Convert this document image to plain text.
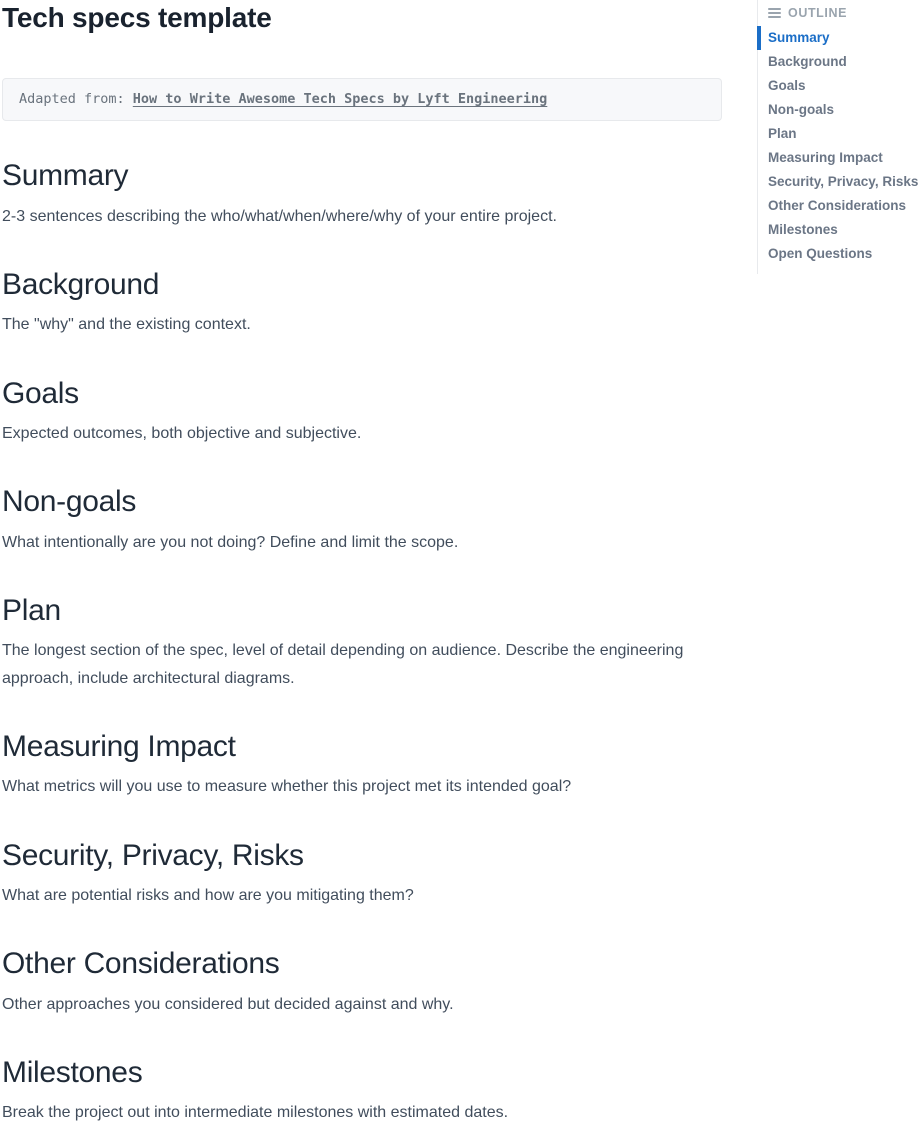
Tech specs template
Adapted from: How to Write Awesome Tech Specs by Lyft Engineering
Summary

2-3 sentences describing the who/what/when/where/why of your entire project.

Background

The "why" and the existing context.

Goals

Expected outcomes, both objective and subjective.

Non-goals

What intentionally are you not doing? Define and limit the scope.

Plan

The longest section of the spec, level of detail depending on audience. Describe the engineering approach, include architectural diagrams.

Measuring Impact

What metrics will you use to measure whether this project met its intended goal?

Security, Privacy, Risks

What are potential risks and how are you mitigating them?

Other Considerations

Other approaches you considered but decided against and why.

Milestones

Break the project out into intermediate milestones with estimated dates.

OUTLINE
Summary
Background
Goals
Non-goals
Plan
Measuring Impact
Security, Privacy, Risks
Other Considerations
Milestones
Open Questions
